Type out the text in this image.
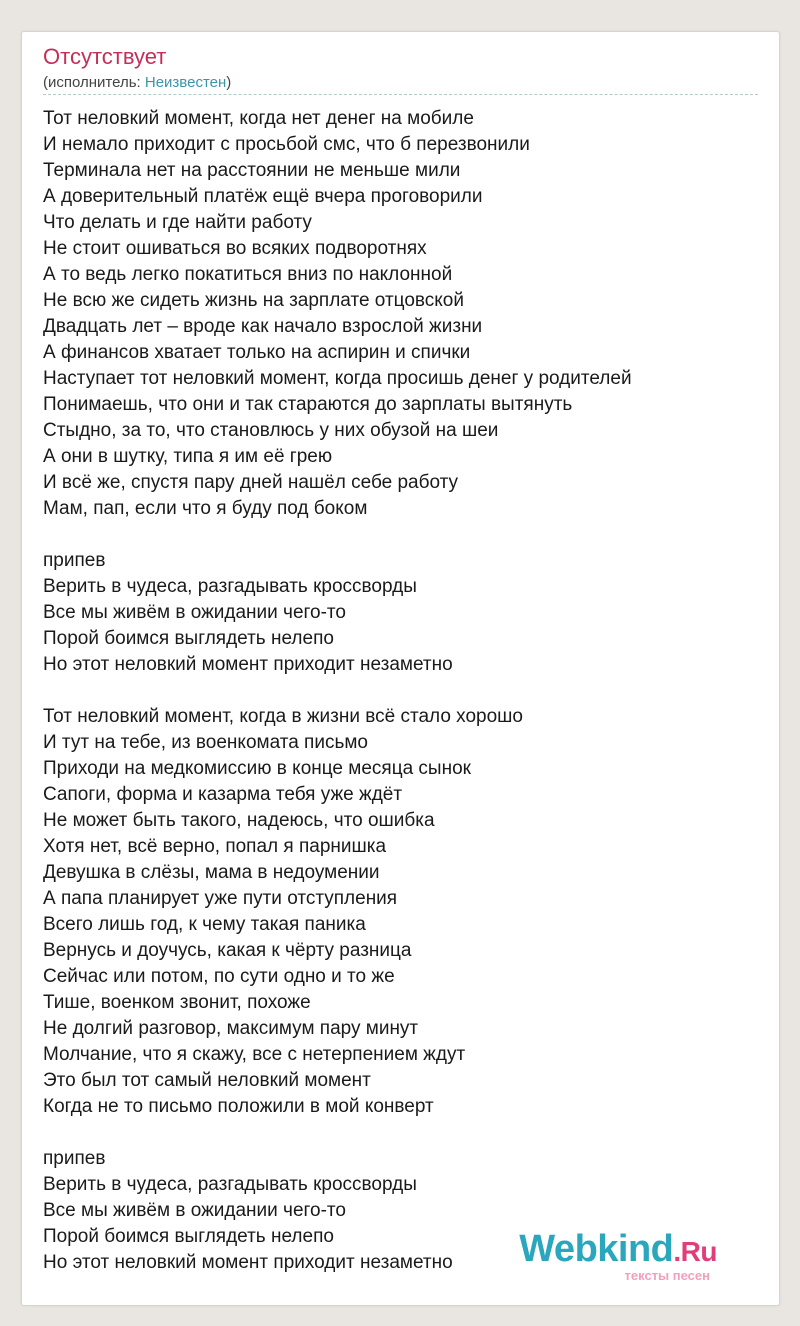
Отсутствует
(исполнитель: Неизвестен)
Тот неловкий момент, когда нет денег на мобиле
И немало приходит с просьбой смс, что б перезвонили
Терминала нет на расстоянии не меньше мили
А доверительный платёж ещё вчера проговорили
Что делать и где найти работу
Не стоит ошиваться во всяких подворотнях
А то ведь легко покатиться вниз по наклонной
Не всю же сидеть жизнь на зарплате отцовской
Двадцать лет – вроде как начало взрослой жизни
А финансов хватает только на аспирин и спички
Наступает тот неловкий момент, когда просишь денег у родителей
Понимаешь, что они и так стараются до зарплаты вытянуть
Стыдно, за то, что становлюсь у них обузой на шеи
А они в шутку, типа я им её грею
И всё же, спустя пару дней нашёл себе работу
Мам, пап, если что я буду под боком
припев
Верить в чудеса, разгадывать кроссворды
Все мы живём в ожидании чего-то
Порой боимся выглядеть нелепо
Но этот неловкий момент приходит незаметно
Тот неловкий момент, когда в жизни всё стало хорошо
И тут на тебе, из военкомата письмо
Приходи на медкомиссию в конце месяца сынок
Сапоги, форма и казарма тебя уже ждёт
Не может быть такого, надеюсь, что ошибка
Хотя нет, всё верно, попал я парнишка
Девушка в слёзы, мама в недоумении
А папа планирует уже пути отступления
Всего лишь год, к чему такая паника
Вернусь и доучусь, какая к чёрту разница
Сейчас или потом, по сути одно и то же
Тише, военком звонит, похоже
Не долгий разговор, максимум пару минут
Молчание, что я скажу, все с нетерпением ждут
Это был тот самый неловкий момент
Когда не то письмо положили в мой конверт
припев
Верить в чудеса, разгадывать кроссворды
Все мы живём в ожидании чего-то
Порой боимся выглядеть нелепо
Но этот неловкий момент приходит незаметно	Webkind.Ru
тексты песен
